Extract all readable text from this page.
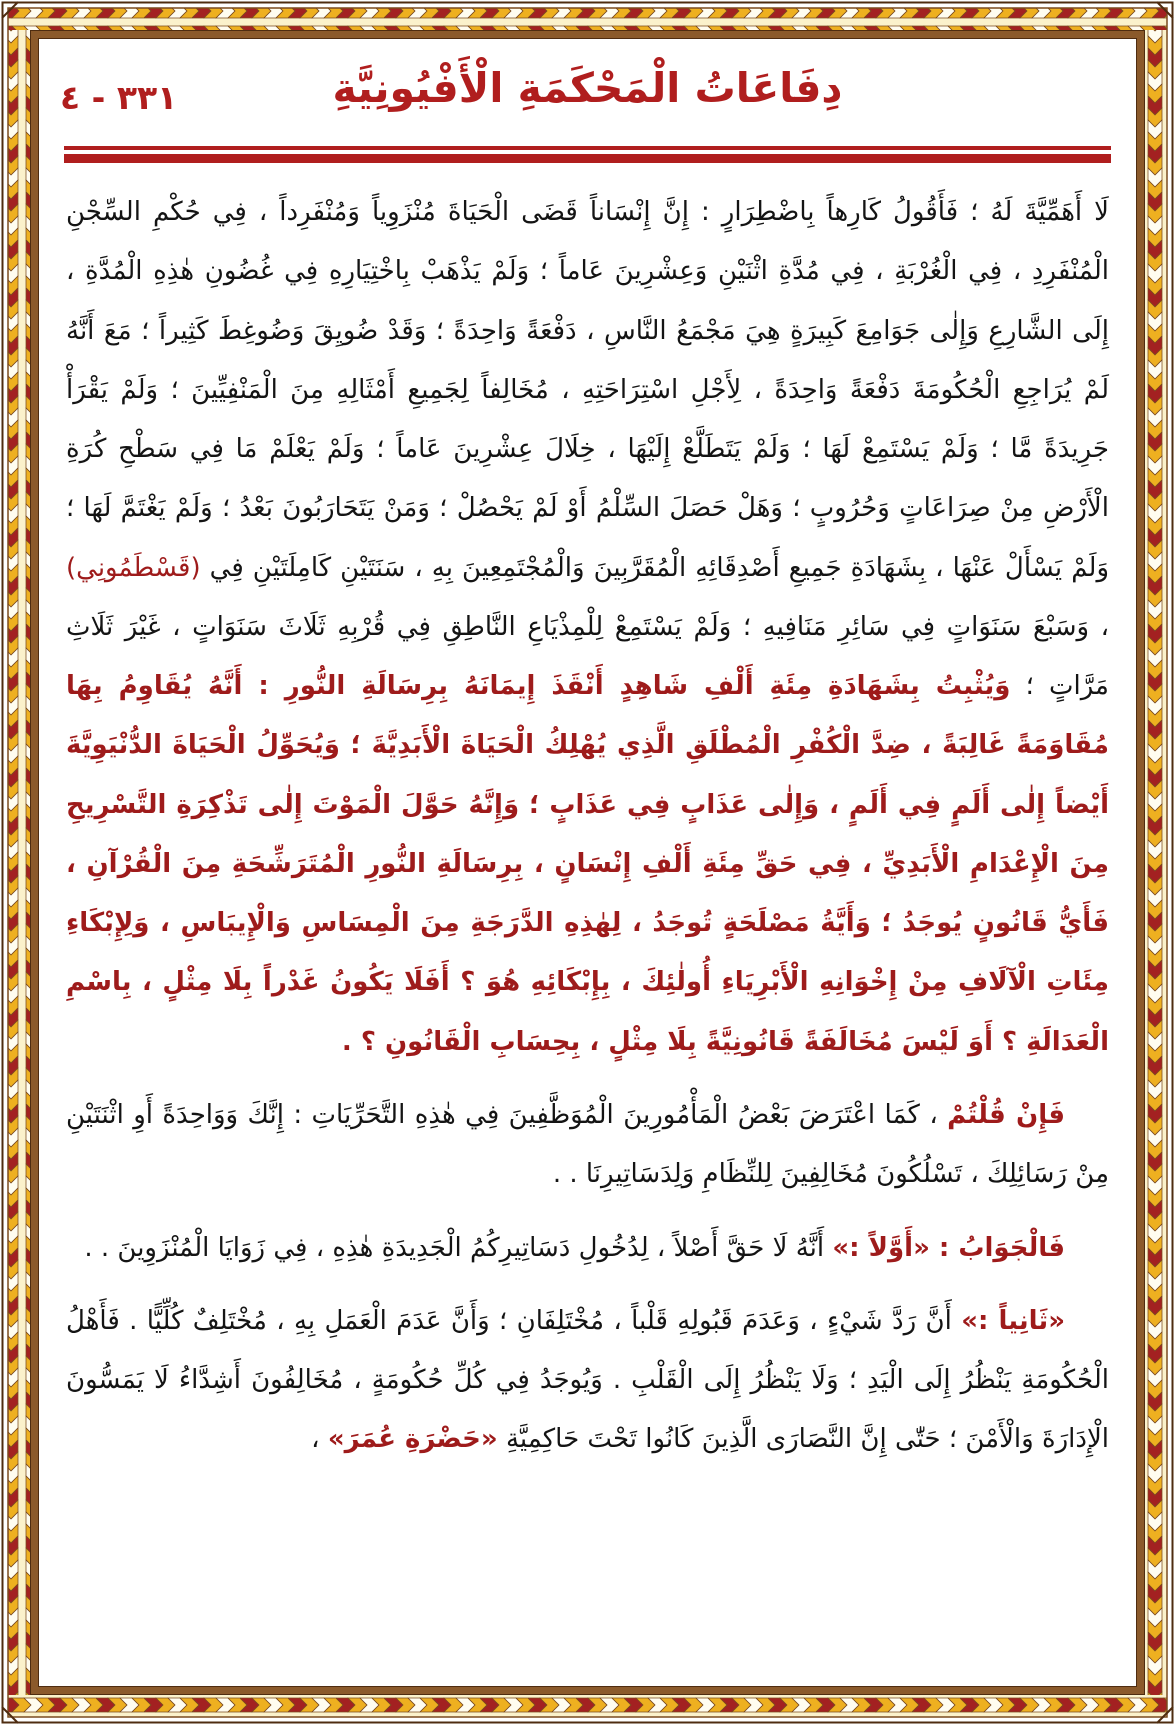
٣٣١ - ٤	دِفَاعَاتُ الْمَحْكَمَةِ الْأَفْيُونِيَّةِ

لَا أَهَمِّيَّةَ لَهُ ؛ فَأَقُولُ كَارِهاً بِاضْطِرَارٍ : إِنَّ إِنْسَاناً قَضَى الْحَيَاةَ مُنْزَوِياً وَمُنْفَرِداً ، فِي حُكْمِ السِّجْنِ الْمُنْفَرِدِ ، فِي الْغُرْبَةِ ، فِي مُدَّةِ اثْنَيْنِ وَعِشْرِينَ عَاماً ؛ وَلَمْ يَذْهَبْ بِاخْتِيَارِهِ فِي غُضُونِ هٰذِهِ الْمُدَّةِ ، إِلَى الشَّارِعِ وَإِلٰى جَوَامِعَ كَبِيرَةٍ هِيَ مَجْمَعُ النَّاسِ ، دَفْعَةً وَاحِدَةً ؛ وَقَدْ ضُويِقَ وَضُوغِطَ كَثِيراً ؛ مَعَ أَنَّهُ لَمْ يُرَاجِعِ الْحُكُومَةَ دَفْعَةً وَاحِدَةً ، لِأَجْلِ اسْتِرَاحَتِهِ ، مُخَالِفاً لِجَمِيعِ أَمْثَالِهِ مِنَ الْمَنْفِيِّينَ ؛ وَلَمْ يَقْرَأْ جَرِيدَةً مَّا ؛ وَلَمْ يَسْتَمِعْ لَهَا ؛ وَلَمْ يَتَطَلَّعْ إِلَيْهَا ، خِلَالَ عِشْرِينَ عَاماً ؛ وَلَمْ يَعْلَمْ مَا فِي سَطْحِ كُرَةِ الْأَرْضِ مِنْ صِرَاعَاتٍ وَحُرُوبٍ ؛ وَهَلْ حَصَلَ السِّلْمُ أَوْ لَمْ يَحْصُلْ ؛ وَمَنْ يَتَحَارَبُونَ بَعْدُ ؛ وَلَمْ يَغْتَمَّ لَهَا ؛ وَلَمْ يَسْأَلْ عَنْهَا ، بِشَهَادَةِ جَمِيعِ أَصْدِقَائِهِ الْمُقَرَّبِينَ وَالْمُجْتَمِعِينَ بِهِ ، سَنَتَيْنِ كَامِلَتَيْنِ فِي (قَسْطَمُونِي) ، وَسَبْعَ سَنَوَاتٍ فِي سَائِرِ مَنَافِيهِ ؛ وَلَمْ يَسْتَمِعْ لِلْمِذْيَاعِ النَّاطِقِ فِي قُرْبِهِ ثَلَاثَ سَنَوَاتٍ ، غَيْرَ ثَلَاثِ مَرَّاتٍ ؛ وَيُثْبِتُ بِشَهَادَةِ مِئَةِ أَلْفِ شَاهِدٍ أَنْقَذَ إِيمَانَهُ بِرِسَالَةِ النُّورِ : أَنَّهُ يُقَاوِمُ بِهَا مُقَاوَمَةً غَالِبَةً ، ضِدَّ الْكُفْرِ الْمُطْلَقِ الَّذِي يُهْلِكُ الْحَيَاةَ الْأَبَدِيَّةَ ؛ وَيُحَوِّلُ الْحَيَاةَ الدُّنْيَوِيَّةَ أَيْضاً إِلٰى أَلَمٍ فِي أَلَمٍ ، وَإِلٰى عَذَابٍ فِي عَذَابٍ ؛ وَإِنَّهُ حَوَّلَ الْمَوْتَ إِلٰى تَذْكِرَةِ التَّسْرِيحِ مِنَ الْإِعْدَامِ الْأَبَدِيِّ ، فِي حَقِّ مِئَةِ أَلْفِ إِنْسَانٍ ، بِرِسَالَةِ النُّورِ الْمُتَرَشِّحَةِ مِنَ الْقُرْآنِ ، فَأَيُّ قَانُونٍ يُوجَدُ ؛ وَأَيَّةُ مَصْلَحَةٍ تُوجَدُ ، لِهٰذِهِ الدَّرَجَةِ مِنَ الْمِسَاسِ وَالْإِيبَاسِ ، وَلِإِبْكَاءِ مِئَاتِ الْآلَافِ مِنْ إِخْوَانِهِ الْأَبْرِيَاءِ أُولٰئِكَ ، بِإِبْكَائِهِ هُوَ ؟ أَفَلَا يَكُونُ غَدْراً بِلَا مِثْلٍ ، بِاسْمِ الْعَدَالَةِ ؟ أَوَ لَيْسَ مُخَالَفَةً قَانُونِيَّةً بِلَا مِثْلٍ ، بِحِسَابِ الْقَانُونِ ؟ .

فَإِنْ قُلْتُمْ ، كَمَا اعْتَرَضَ بَعْضُ الْمَأْمُورِينَ الْمُوَظَّفِينَ فِي هٰذِهِ التَّحَرِّيَاتِ : إِنَّكَ وَوَاحِدَةً أَوِ اثْنَتَيْنِ مِنْ رَسَائِلِكَ ، تَسْلُكُونَ مُخَالِفِينَ لِلنِّظَامِ وَلِدَسَاتِيرِنَا . .

فَالْجَوَابُ : «أَوَّلاً :» أَنَّهُ لَا حَقَّ أَصْلاً ، لِدُخُولِ دَسَاتِيرِكُمُ الْجَدِيدَةِ هٰذِهِ ، فِي زَوَايَا الْمُنْزَوِينَ . .

«ثَانِياً :» أَنَّ رَدَّ شَيْءٍ ، وَعَدَمَ قَبُولِهِ قَلْباً ، مُخْتَلِفَانِ ؛ وَأَنَّ عَدَمَ الْعَمَلِ بِهِ ، مُخْتَلِفٌ كُلِّيًّا . فَأَهْلُ الْحُكُومَةِ يَنْظُرُ إِلَى الْيَدِ ؛ وَلَا يَنْظُرُ إِلَى الْقَلْبِ . وَيُوجَدُ فِي كُلِّ حُكُومَةٍ ، مُخَالِفُونَ أَشِدَّاءُ لَا يَمَسُّونَ الْإِدَارَةَ وَالْأَمْنَ ؛ حَتّٰى إِنَّ النَّصَارَى الَّذِينَ كَانُوا تَحْتَ حَاكِمِيَّةِ «حَضْرَةِ عُمَرَ» ،
